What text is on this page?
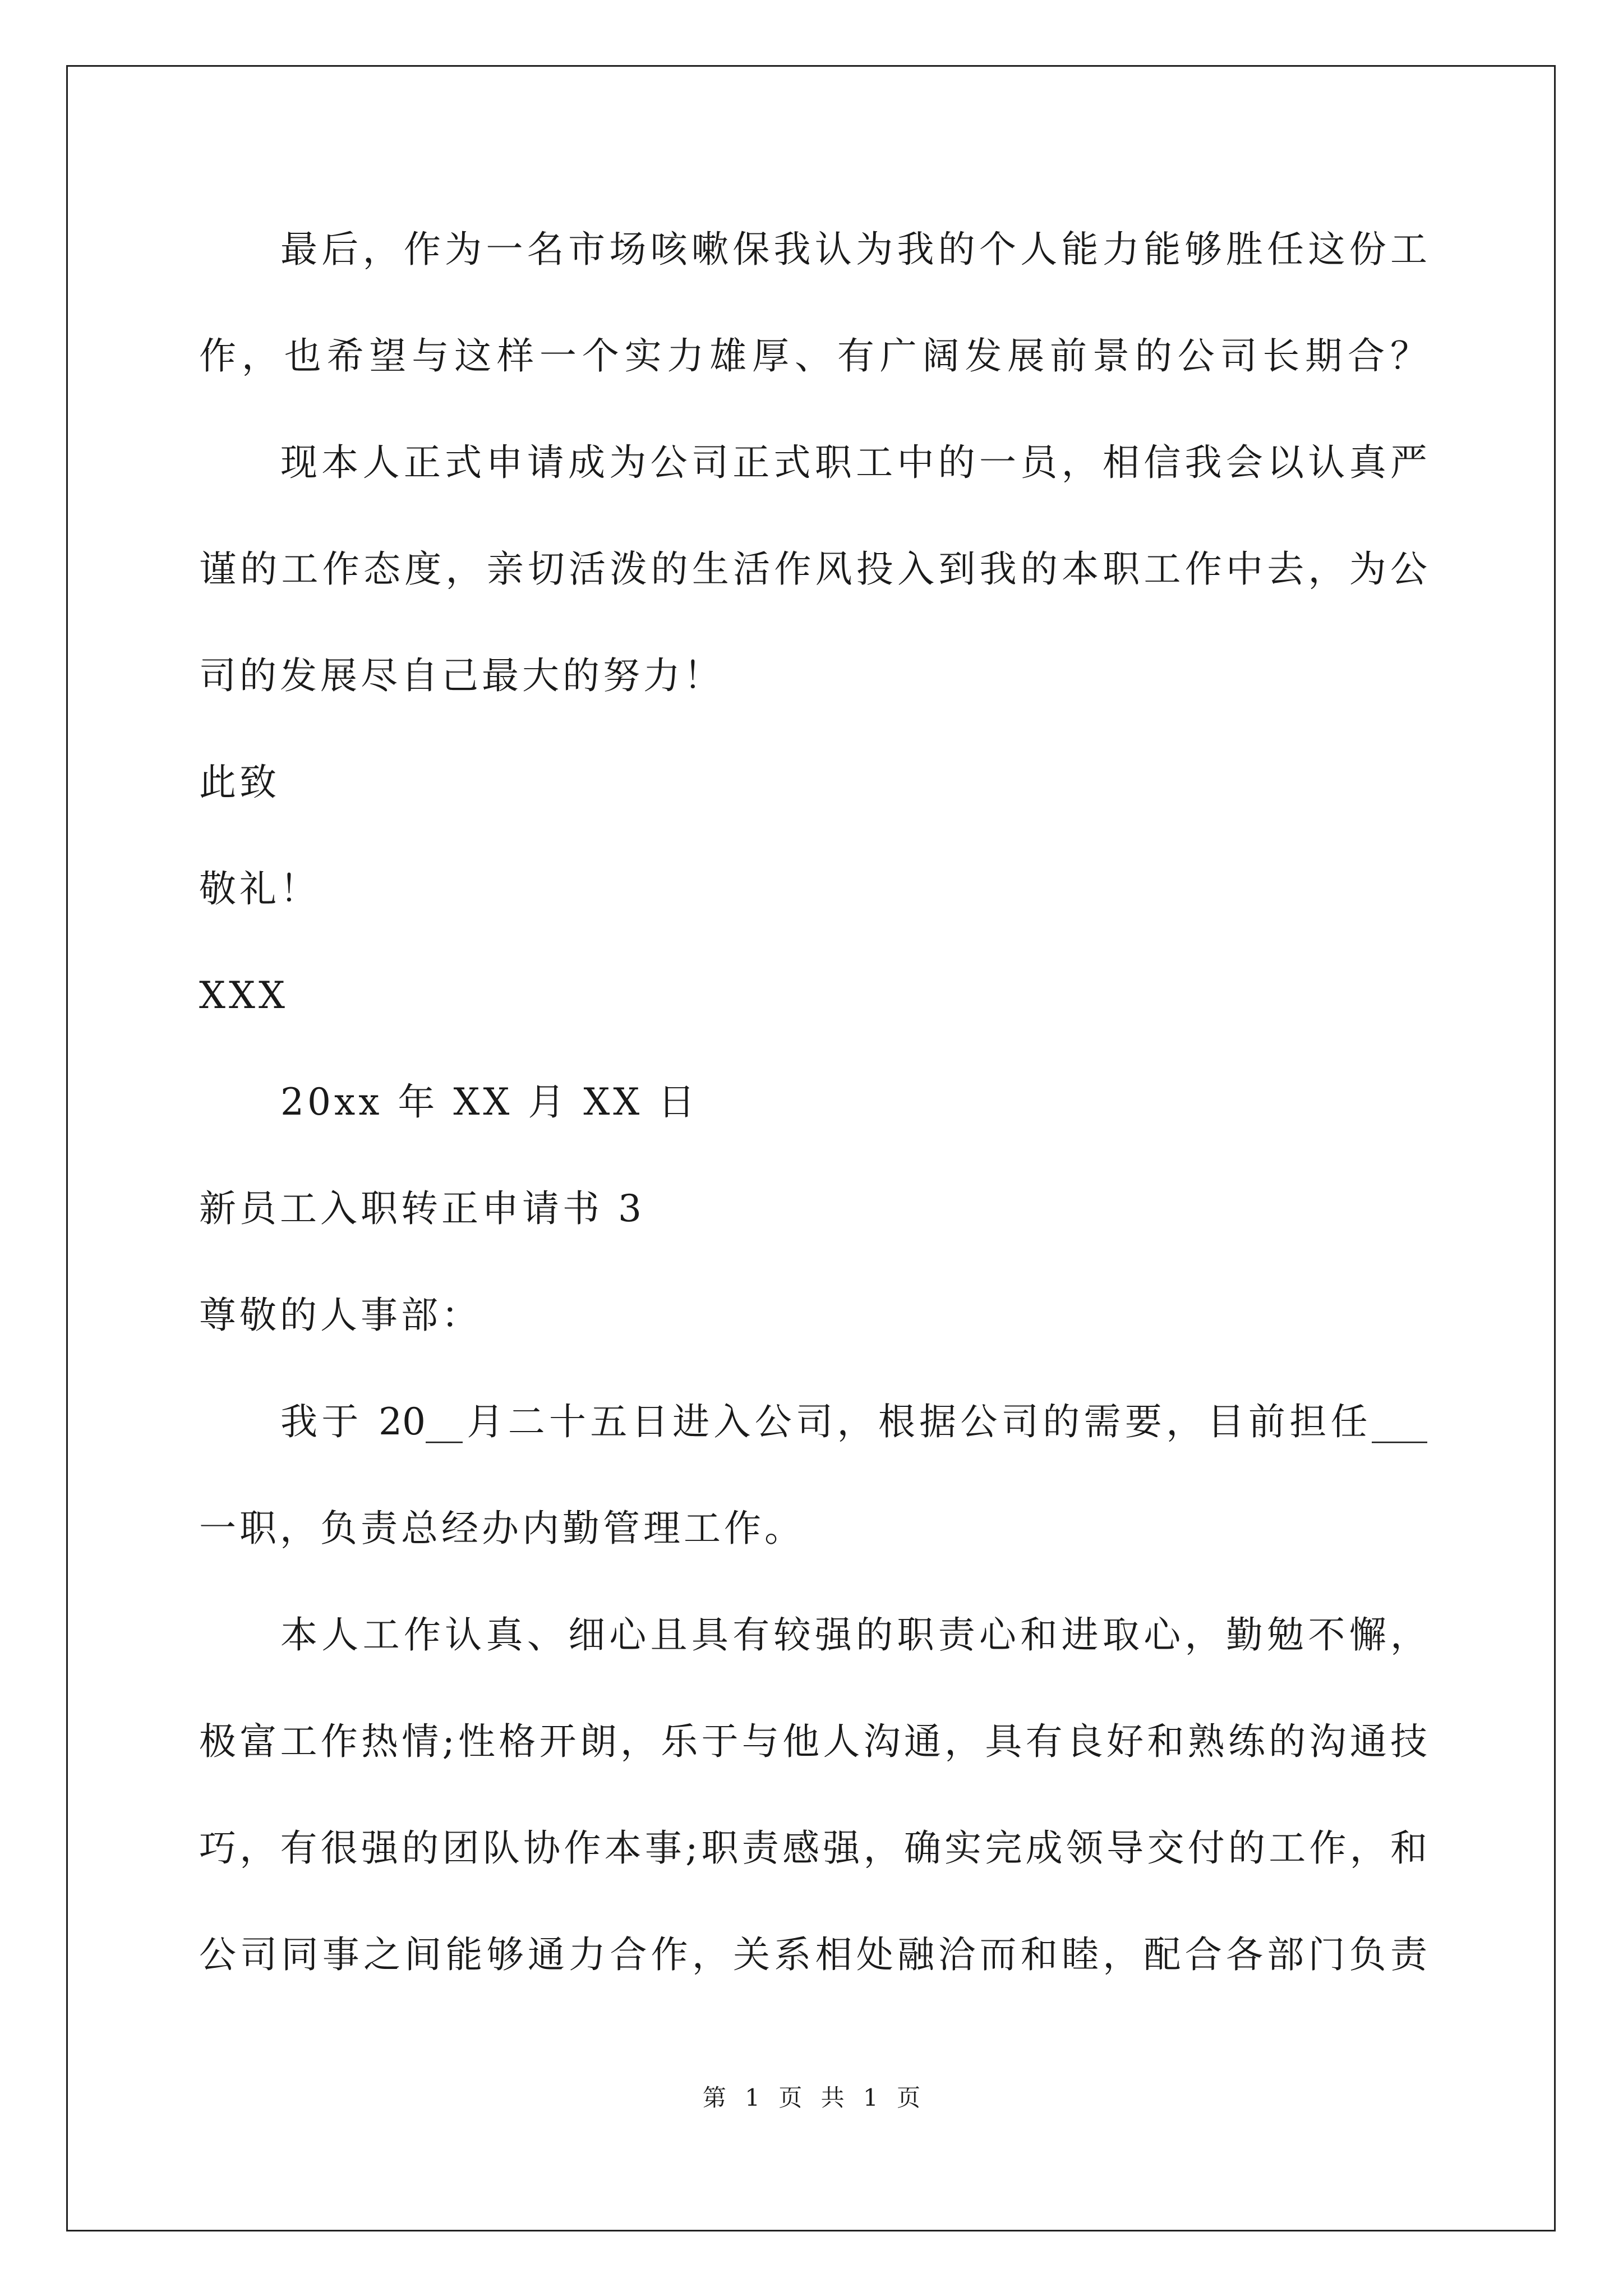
最后，作为一名市场咳嗽保我认为我的个人能力能够胜任这份工
作，也希望与这样一个实力雄厚、有广阔发展前景的公司长期合？
现本人正式申请成为公司正式职工中的一员，相信我会以认真严
谨的工作态度，亲切活泼的生活作风投入到我的本职工作中去，为公
司的发展尽自己最大的努力！
此致
敬礼！
XXX
20xx 年 XX 月 XX 日
新员工入职转正申请书 3
尊敬的人事部：
我于 20__月二十五日进入公司，根据公司的需要，目前担任___
一职，负责总经办内勤管理工作。
本人工作认真、细心且具有较强的职责心和进取心，勤勉不懈，
极富工作热情;性格开朗，乐于与他人沟通，具有良好和熟练的沟通技
巧，有很强的团队协作本事;职责感强，确实完成领导交付的工作，和
公司同事之间能够通力合作，关系相处融洽而和睦，配合各部门负责
第 1 页 共 1 页
